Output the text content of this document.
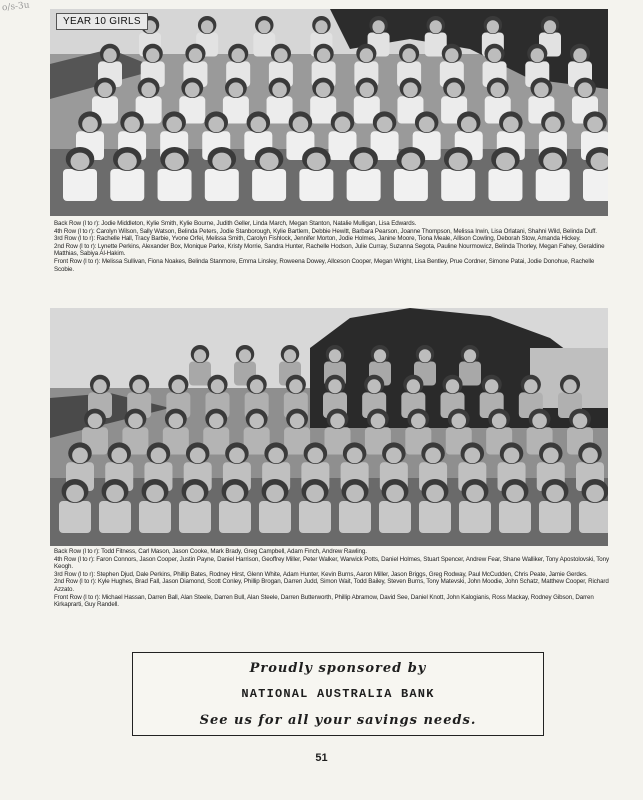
o/s-3u
YEAR 10 GIRLS

Back Row (l to r): Jodie Middleton, Kylie Smith, Kylie Bourne, Judith Geller, Linda March, Megan Stanton, Natalie Mulligan, Lisa Edwards.

4th Row (l to r): Carolyn Wilson, Sally Watson, Belinda Peters, Jodie Stanborough, Kylie Bartlem, Debbie Hewitt, Barbara Pearson, Joanne Thompson, Melissa Irwin, Lisa Orlatani, Shahni Wild, Belinda Duff.

3rd Row (l to r): Rachelle Hall, Tracy Barbie, Yvone Orfei, Melissa Smith, Carolyn Fishlock, Jennifer Morton, Jodie Holmes, Janine Moore, Tiona Meale, Allison Cowling, Deborah Stow, Amanda Hickey.

2nd Row (l to r): Lynette Perkins, Alexander Box, Monique Parke, Kristy Morrie, Sandra Hunter, Rachelle Hodson, Julie Curray, Suzanna Segota, Pauline Nourmowicz, Belinda Thorley, Megan Fahey, Geraldine Matthias, Sabiya Al-Hakim.

Front Row (l to r): Melissa Sullivan, Fiona Noakes, Belinda Stanmore, Emma Linsley, Roweena Dowey, Allceson Cooper, Megan Wright, Lisa Bentley, Prue Cordner, Simone Patai, Jodie Donohue, Rachelle Scobie.

Back Row (l to r): Todd Fitness, Carl Mason, Jason Cooke, Mark Brady, Greg Campbell, Adam Finch, Andrew Rawling.

4th Row (l to r): Faron Connors, Jason Cooper, Justin Payne, Daniel Harrison, Geoffrey Miller, Peter Walker, Warwick Potts, Daniel Holmes, Stuart Spencer, Andrew Fear, Shane Walliker, Tony Apostolovski, Tony Keogh.

3rd Row (l to r): Stephen Djud, Dale Perkins, Phillip Bates, Rodney Hirst, Glenn White, Adam Hunter, Kevin Burns, Aaron Miller, Jason Briggs, Greg Rodway, Paul McCudden, Chris Peate, Jamie Gerdes.

2nd Row (l to r): Kyle Hughes, Brad Fall, Jason Diamond, Scott Conley, Phillip Brogan, Darren Judd, Simon Wait, Todd Bailey, Steven Burns, Tony Matevski, John Moodie, John Schatz, Matthew Cooper, Richard Azzato.

Front Row (l to r): Michael Hassan, Darren Ball, Alan Steele, Darren Bull, Alan Steele, Darren Butterworth, Phillip Abramow, David See, Daniel Knott, John Kalogianis, Ross Mackay, Rodney Gibson, Darren Kirkaprarti, Guy Randell.

Proudly sponsored by
NATIONAL AUSTRALIA BANK
See us for all your savings needs.
51
